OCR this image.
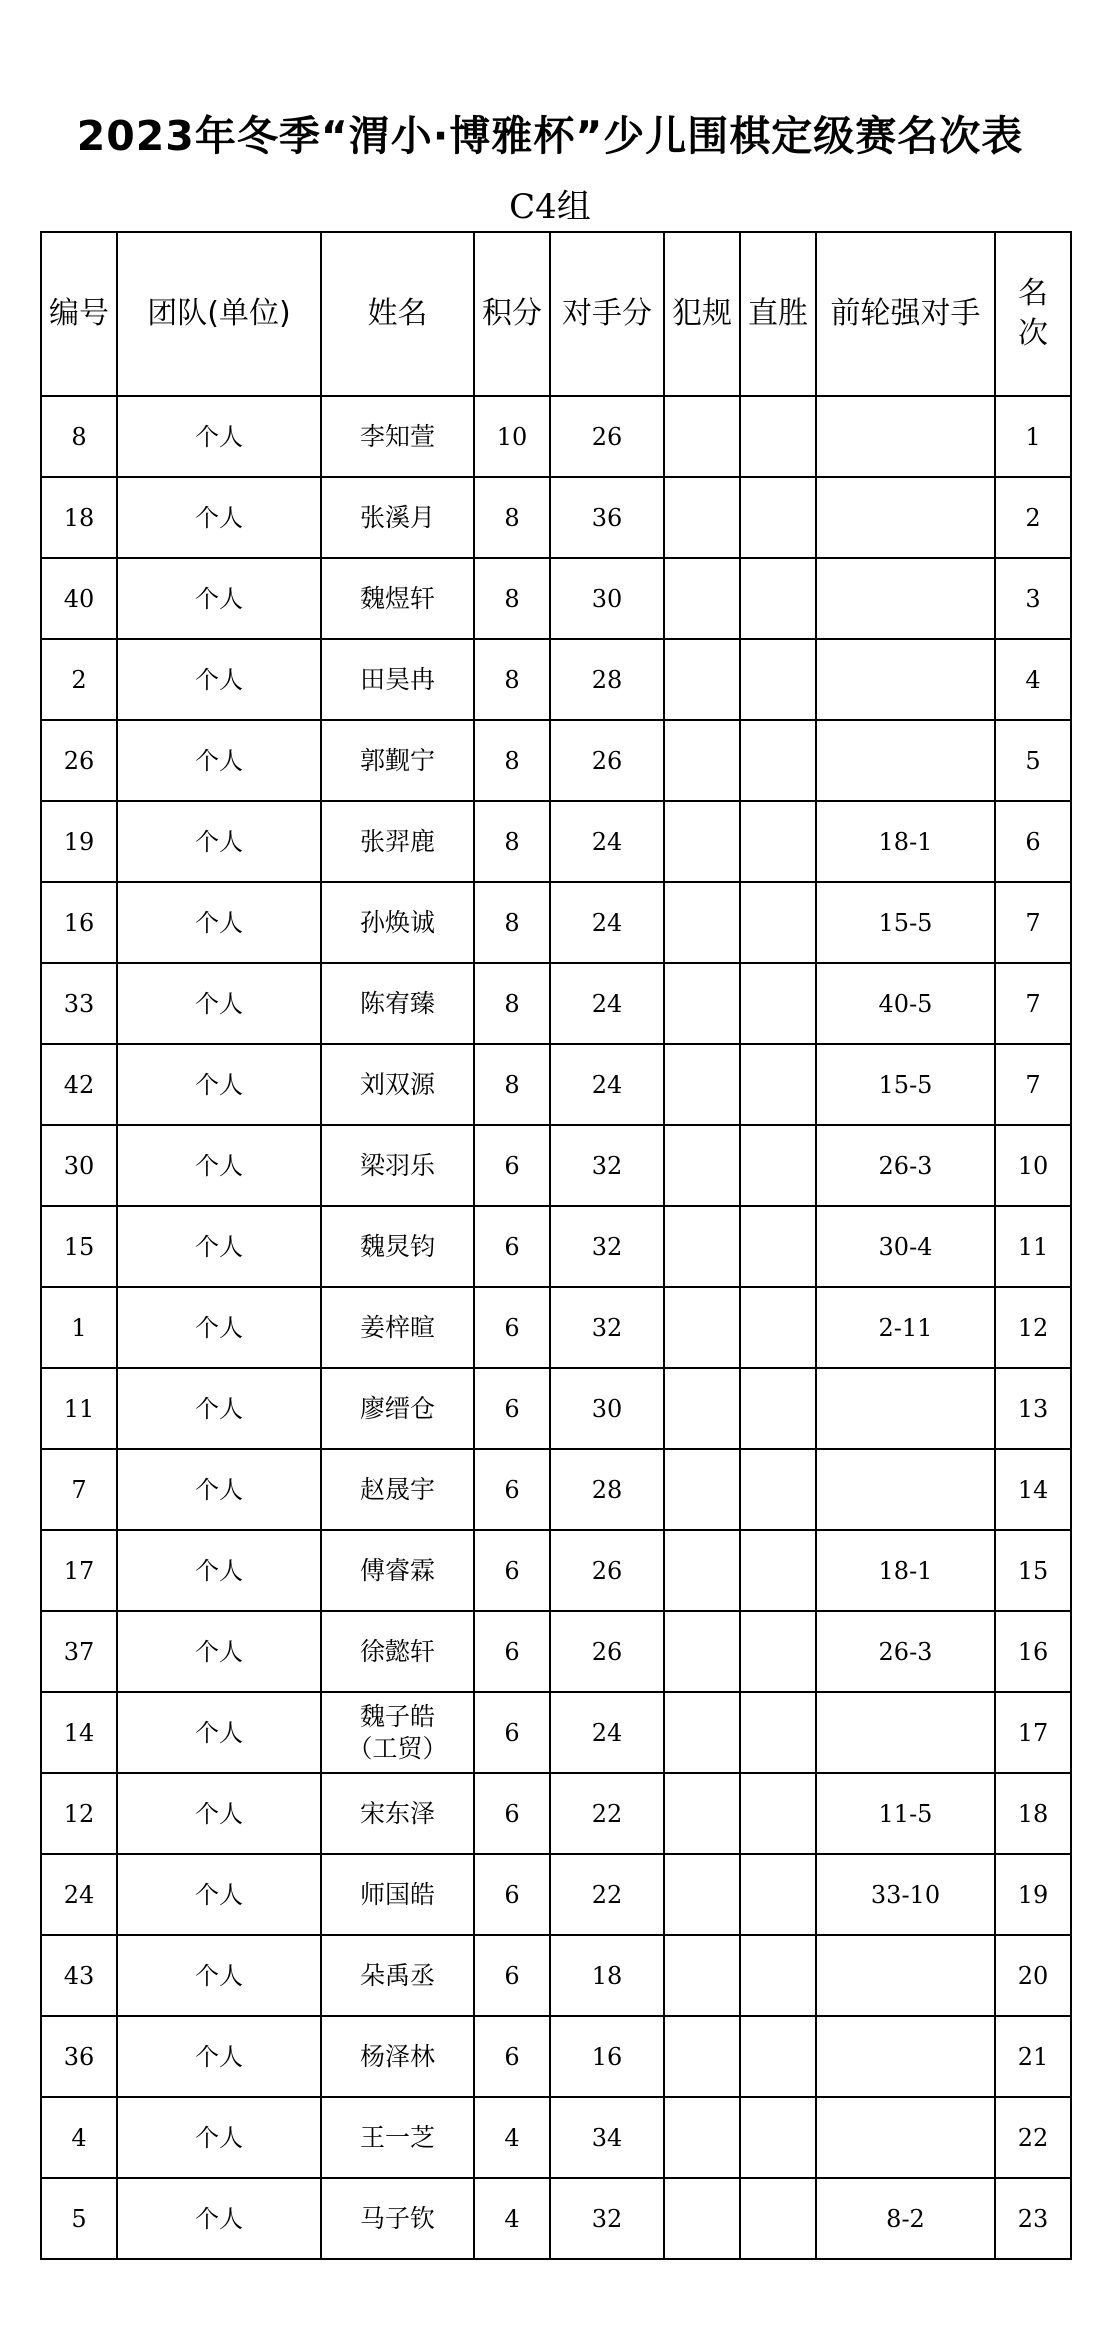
2023年冬季“渭小·博雅杯”少儿围棋定级赛名次表
C4组
编号	团队(单位)	姓名	积分	对手分	犯规	直胜	前轮强对手	名次
8	个人	李知萱	10	26				1
18	个人	张溪月	8	36				2
40	个人	魏煜轩	8	30				3
2	个人	田昊冉	8	28				4
26	个人	郭觐宁	8	26				5
19	个人	张羿鹿	8	24			18-1	6
16	个人	孙焕诚	8	24			15-5	7
33	个人	陈宥臻	8	24			40-5	7
42	个人	刘双源	8	24			15-5	7
30	个人	梁羽乐	6	32			26-3	10
15	个人	魏炅钧	6	32			30-4	11
1	个人	姜梓暄	6	32			2-11	12
11	个人	廖缙仓	6	30				13
7	个人	赵晟宇	6	28				14
17	个人	傅睿霖	6	26			18-1	15
37	个人	徐懿轩	6	26			26-3	16
14	个人	魏子皓
（工贸）	6	24				17
12	个人	宋东泽	6	22			11-5	18
24	个人	师国皓	6	22			33-10	19
43	个人	朵禹丞	6	18				20
36	个人	杨泽林	6	16				21
4	个人	王一芝	4	34				22
5	个人	马子钦	4	32			8-2	23
